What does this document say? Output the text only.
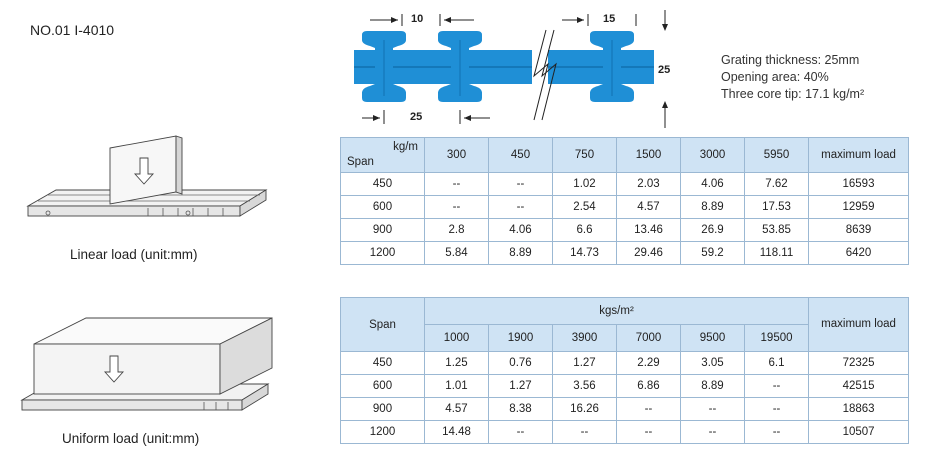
NO.01 I-4010
10	15
25
25
Grating thickness: 25mm
Opening area: 40%
Three core tip: 17.1 kg/m²
Linear load (unit:mm)
Uniform load (unit:mm)
kg/m
Span	300	450	750	1500	3000	5950	maximum load
450	--	--	1.02	2.03	4.06	7.62	16593
600	--	--	2.54	4.57	8.89	17.53	12959
900	2.8	4.06	6.6	13.46	26.9	53.85	8639
1200	5.84	8.89	14.73	29.46	59.2	118.11	6420
Span	kgs/m²						maximum load
	1000	1900	3900	7000	9500	19500	
450	1.25	0.76	1.27	2.29	3.05	6.1	72325
600	1.01	1.27	3.56	6.86	8.89	--	42515
900	4.57	8.38	16.26	--	--	--	18863
1200	14.48	--	--	--	--	--	10507
